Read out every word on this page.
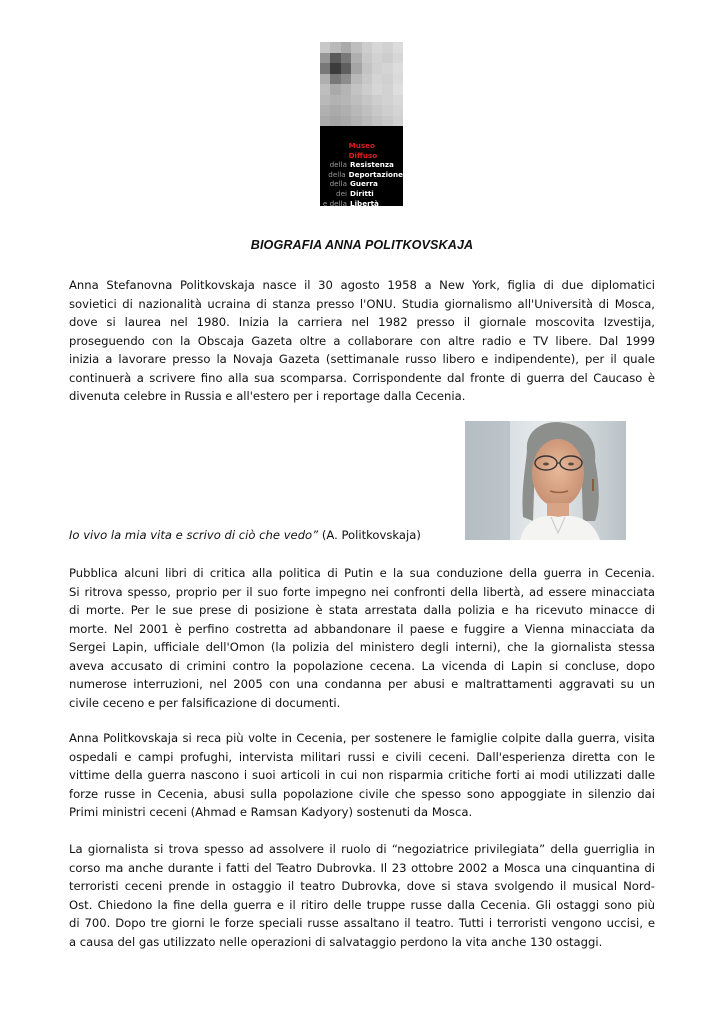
Museo Diffuso
della Resistenza
della Deportazione
della Guerra
dei Diritti
e della Libertà
BIOGRAFIA ANNA POLITKOVSKAJA
Anna Stefanovna Politkovskaja nasce il 30 agosto 1958 a New York, figlia di due diplomatici
sovietici di nazionalità ucraina di stanza presso l'ONU. Studia giornalismo all'Università di Mosca,
dove si laurea nel 1980. Inizia la carriera nel 1982 presso il giornale moscovita Izvestija,
proseguendo con la Obscaja Gazeta oltre a collaborare con altre radio e TV libere. Dal 1999
inizia a lavorare presso la Novaja Gazeta (settimanale russo libero e indipendente), per il quale
continuerà a scrivere fino alla sua scomparsa. Corrispondente dal fronte di guerra del Caucaso è
divenuta celebre in Russia e all'estero per i reportage dalla Cecenia.
Io vivo la mia vita e scrivo di ciò che vedo” (A. Politkovskaja)
Pubblica alcuni libri di critica alla politica di Putin e la sua conduzione della guerra in Cecenia.
Si ritrova spesso, proprio per il suo forte impegno nei confronti della libertà, ad essere minacciata
di morte. Per le sue prese di posizione è stata arrestata dalla polizia e ha ricevuto minacce di
morte. Nel 2001 è perfino costretta ad abbandonare il paese e fuggire a Vienna minacciata da
Sergei Lapin, ufficiale dell'Omon (la polizia del ministero degli interni), che la giornalista stessa
aveva accusato di crimini contro la popolazione cecena. La vicenda di Lapin si concluse, dopo
numerose interruzioni, nel 2005 con una condanna per abusi e maltrattamenti aggravati su un
civile ceceno e per falsificazione di documenti.
Anna Politkovskaja si reca più volte in Cecenia, per sostenere le famiglie colpite dalla guerra, visita
ospedali e campi profughi, intervista militari russi e civili ceceni. Dall'esperienza diretta con le
vittime della guerra nascono i suoi articoli in cui non risparmia critiche forti ai modi utilizzati dalle
forze russe in Cecenia, abusi sulla popolazione civile che spesso sono appoggiate in silenzio dai
Primi ministri ceceni (Ahmad e Ramsan Kadyory) sostenuti da Mosca.
La giornalista si trova spesso ad assolvere il ruolo di “negoziatrice privilegiata” della guerriglia in
corso ma anche durante i fatti del Teatro Dubrovka. Il 23 ottobre 2002 a Mosca una cinquantina di
terroristi ceceni prende in ostaggio il teatro Dubrovka, dove si stava svolgendo il musical Nord-
Ost. Chiedono la fine della guerra e il ritiro delle truppe russe dalla Cecenia. Gli ostaggi sono più
di 700. Dopo tre giorni le forze speciali russe assaltano il teatro. Tutti i terroristi vengono uccisi, e
a causa del gas utilizzato nelle operazioni di salvataggio perdono la vita anche 130 ostaggi.
